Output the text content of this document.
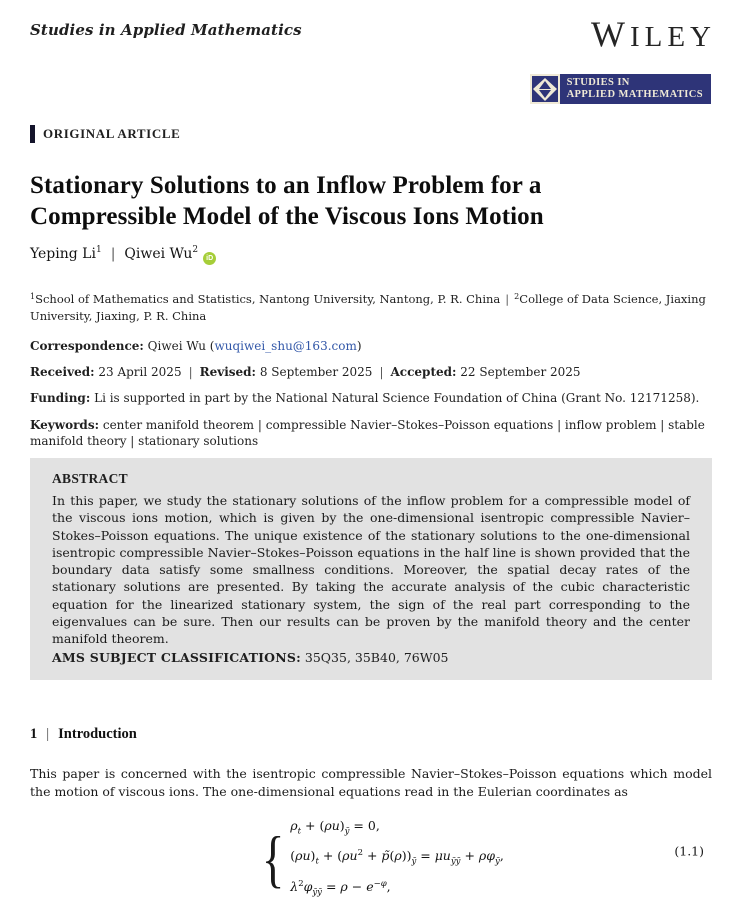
Studies in Applied Mathematics	WILEY
STUDIES IN
APPLIED MATHEMATICS
ORIGINAL ARTICLE
Stationary Solutions to an Inflow Problem for a Compressible Model of the Viscous Ions Motion
Yeping Li$^1$ | Qiwei Wu$^2$iD
$^1$School of Mathematics and Statistics, Nantong University, Nantong, P. R. China | $^2$College of Data Science, Jiaxing University, Jiaxing, P. R. China
Correspondence: Qiwei Wu (wuqiwei_shu@163.com)
Received: 23 April 2025 | Revised: 8 September 2025 | Accepted: 22 September 2025
Funding: Li is supported in part by the National Natural Science Foundation of China (Grant No. 12171258).
Keywords: center manifold theorem | compressible Navier–Stokes–Poisson equations | inflow problem | stable manifold theory | stationary solutions
ABSTRACT
In this paper, we study the stationary solutions of the inflow problem for a compressible model of the viscous ions motion, which is given by the one-dimensional isentropic compressible Navier–Stokes–Poisson equations. The unique existence of the stationary solutions to the one-dimensional isentropic compressible Navier–Stokes–Poisson equations in the half line is shown provided that the boundary data satisfy some smallness conditions. Moreover, the spatial decay rates of the stationary solutions are presented. By taking the accurate analysis of the cubic characteristic equation for the linearized stationary system, the sign of the real part corresponding to the eigenvalues can be sure. Then our results can be proven by the manifold theory and the center manifold theorem.
AMS SUBJECT CLASSIFICATIONS: 35Q35, 35B40, 76W05
1 | Introduction
This paper is concerned with the isentropic compressible Navier–Stokes–Poisson equations which model the motion of viscous ions. The one-dimensional equations read in the Eulerian coordinates as
{ $\rho_t + (\rho u)_ỹ = 0$,
$(\rho u)_t + (\rho u^2$ + $p̃(\rho))_ỹ = \mu u_{ỹỹ} + \rho\varphi_ỹ$,
$\lambda^2\varphi_{ỹỹ} = \rho - e^{-\varphi}$,
(1.1)
